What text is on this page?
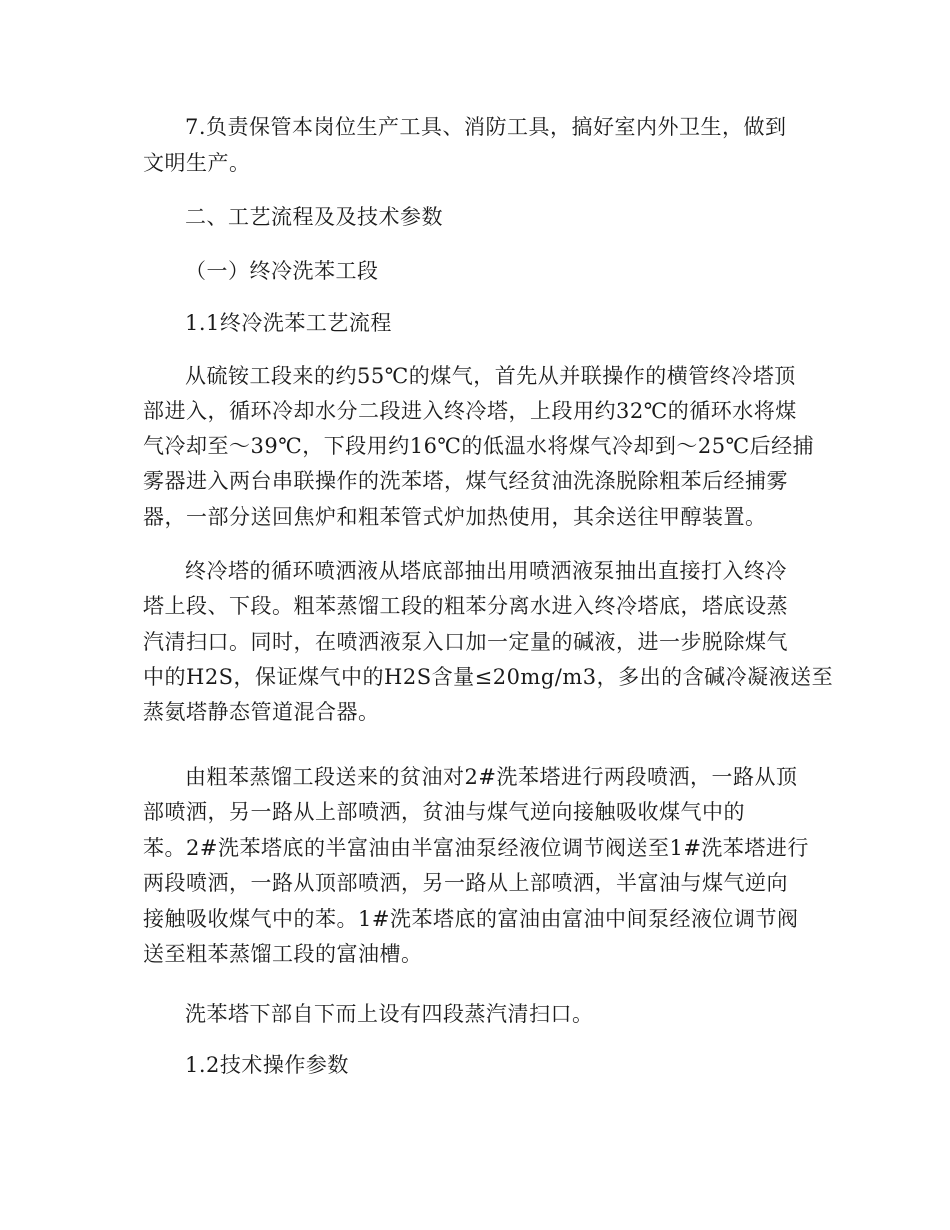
7.负责保管本岗位生产工具、消防工具，搞好室内外卫生，做到
文明生产。
二、工艺流程及及技术参数
（一）终冷洗苯工段
1.1终冷洗苯工艺流程
从硫铵工段来的约55℃的煤气，首先从并联操作的横管终冷塔顶
部进入，循环冷却水分二段进入终冷塔，上段用约32℃的循环水将煤
气冷却至～39℃，下段用约16℃的低温水将煤气冷却到～25℃后经捕
雾器进入两台串联操作的洗苯塔，煤气经贫油洗涤脱除粗苯后经捕雾
器，一部分送回焦炉和粗苯管式炉加热使用，其余送往甲醇装置。
终冷塔的循环喷洒液从塔底部抽出用喷洒液泵抽出直接打入终冷
塔上段、下段。粗苯蒸馏工段的粗苯分离水进入终冷塔底，塔底设蒸
汽清扫口。同时，在喷洒液泵入口加一定量的碱液，进一步脱除煤气
中的H2S，保证煤气中的H2S含量≤20mg/m3，多出的含碱冷凝液送至
蒸氨塔静态管道混合器。
由粗苯蒸馏工段送来的贫油对2#洗苯塔进行两段喷洒，一路从顶
部喷洒，另一路从上部喷洒，贫油与煤气逆向接触吸收煤气中的
苯。2#洗苯塔底的半富油由半富油泵经液位调节阀送至1#洗苯塔进行
两段喷洒，一路从顶部喷洒，另一路从上部喷洒，半富油与煤气逆向
接触吸收煤气中的苯。1#洗苯塔底的富油由富油中间泵经液位调节阀
送至粗苯蒸馏工段的富油槽。
洗苯塔下部自下而上设有四段蒸汽清扫口。
1.2技术操作参数
